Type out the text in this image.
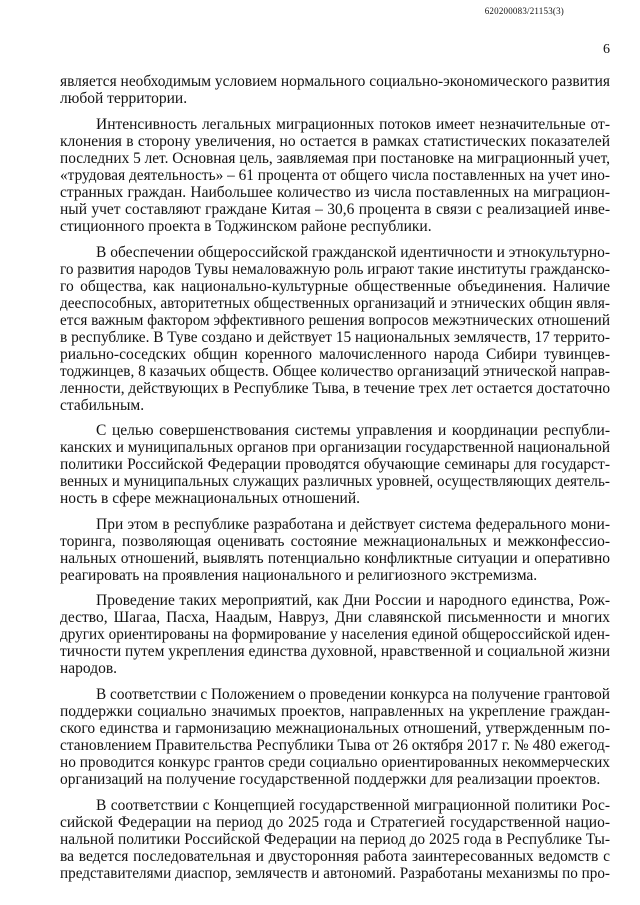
620200083/21153(3)
6
является необходимым условием нормального социально-экономического развития
любой территории.
Интенсивность легальных миграционных потоков имеет незначительные от-
клонения в сторону увеличения, но остается в рамках статистических показателей
последних 5 лет. Основная цель, заявляемая при постановке на миграционный учет,
«трудовая деятельность» – 61 процента от общего числа поставленных на учет ино-
странных граждан. Наибольшее количество из числа поставленных на миграцион-
ный учет составляют граждане Китая – 30,6 процента в связи с реализацией инве-
стиционного проекта в Тоджинском районе республики.
В обеспечении общероссийской гражданской идентичности и этнокультурно-
го развития народов Тувы немаловажную роль играют такие институты гражданско-
го общества, как национально-культурные общественные объединения. Наличие
дееспособных, авторитетных общественных организаций и этнических общин явля-
ется важным фактором эффективного решения вопросов межэтнических отношений
в республике. В Туве создано и действует 15 национальных землячеств, 17 террито-
риально-соседских общин коренного малочисленного народа Сибири тувинцев-
тоджинцев, 8 казачьих обществ. Общее количество организаций этнической направ-
ленности, действующих в Республике Тыва, в течение трех лет остается достаточно
стабильным.
С целью совершенствования системы управления и координации республи-
канских и муниципальных органов при организации государственной национальной
политики Российской Федерации проводятся обучающие семинары для государст-
венных и муниципальных служащих различных уровней, осуществляющих деятель-
ность в сфере межнациональных отношений.
При этом в республике разработана и действует система федерального мони-
торинга, позволяющая оценивать состояние межнациональных и межконфессио-
нальных отношений, выявлять потенциально конфликтные ситуации и оперативно
реагировать на проявления национального и религиозного экстремизма.
Проведение таких мероприятий, как Дни России и народного единства, Рож-
дество, Шагаа, Пасха, Наадым, Навруз, Дни славянской письменности и многих
других ориентированы на формирование у населения единой общероссийской иден-
тичности путем укрепления единства духовной, нравственной и социальной жизни
народов.
В соответствии с Положением о проведении конкурса на получение грантовой
поддержки социально значимых проектов, направленных на укрепление граждан-
ского единства и гармонизацию межнациональных отношений, утвержденным по-
становлением Правительства Республики Тыва от 26 октября 2017 г. № 480 ежегод-
но проводится конкурс грантов среди социально ориентированных некоммерческих
организаций на получение государственной поддержки для реализации проектов.
В соответствии с Концепцией государственной миграционной политики Рос-
сийской Федерации на период до 2025 года и Стратегией государственной нацио-
нальной политики Российской Федерации на период до 2025 года в Республике Ты-
ва ведется последовательная и двусторонняя работа заинтересованных ведомств с
представителями диаспор, землячеств и автономий. Разработаны механизмы по про-
